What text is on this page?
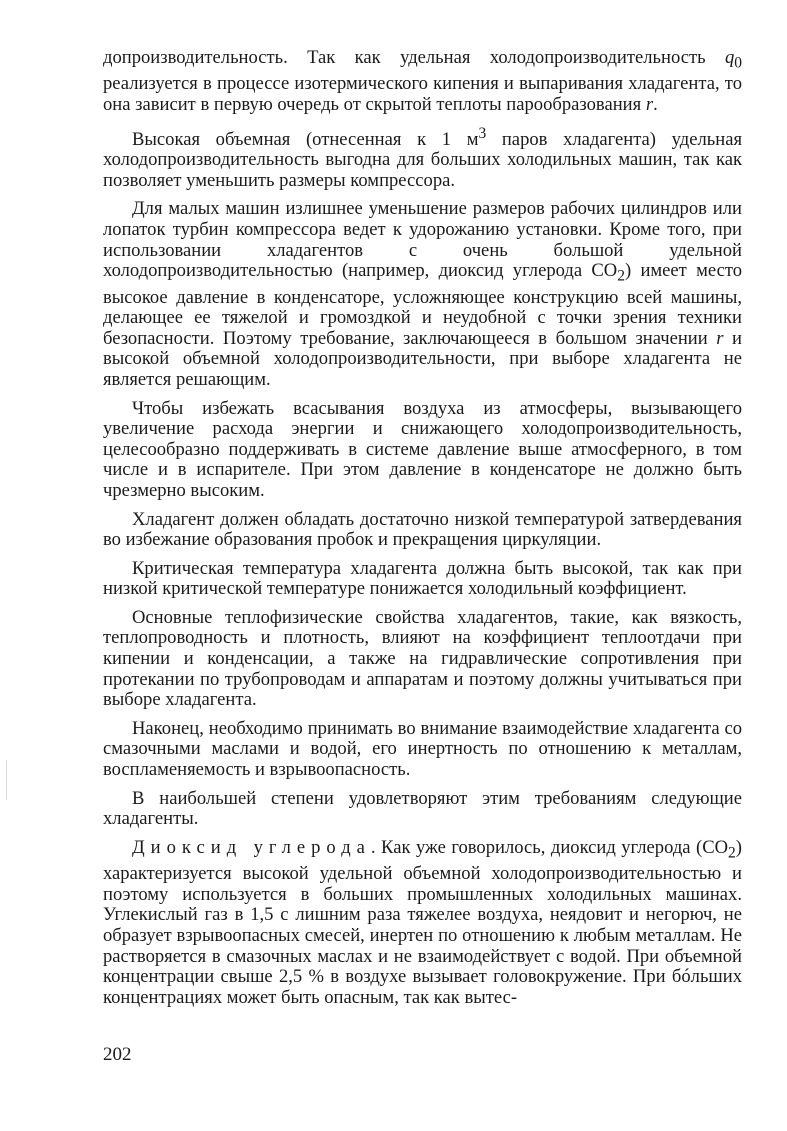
допроизводительность. Так как удельная холодопроизводительность $q_0$ реализуется в процессе изотермического кипения и выпаривания хладагента, то она зависит в первую очередь от скрытой теплоты парообразования r.

Высокая объемная (отнесенная к 1 $м^3$ паров хладагента) удельная холодопроизводительность выгодна для больших холодильных машин, так как позволяет уменьшить размеры компрессора.

Для малых машин излишнее уменьшение размеров рабочих цилиндров или лопаток турбин компрессора ведет к удорожанию установки. Кроме того, при использовании хладагентов с очень большой удельной холодопроизводительностью (например, диоксид углерода $CO_2$) имеет место высокое давление в конденсаторе, усложняющее конструкцию всей машины, делающее ее тяжелой и громоздкой и неудобной с точки зрения техники безопасности. Поэтому требование, заключающееся в большом значении r и высокой объемной холодопроизводительности, при выборе хладагента не является решающим.

Чтобы избежать всасывания воздуха из атмосферы, вызывающего увеличение расхода энергии и снижающего холодопроизводительность, целесообразно поддерживать в системе давление выше атмосферного, в том числе и в испарителе. При этом давление в конденсаторе не должно быть чрезмерно высоким.

Хладагент должен обладать достаточно низкой температурой затвердевания во избежание образования пробок и прекращения циркуляции.

Критическая температура хладагента должна быть высокой, так как при низкой критической температуре понижается холодильный коэффициент.

Основные теплофизические свойства хладагентов, такие, как вязкость, теплопроводность и плотность, влияют на коэффициент теплоотдачи при кипении и конденсации, а также на гидравлические сопротивления при протекании по трубопроводам и аппаратам и поэтому должны учитываться при выборе хладагента.

Наконец, необходимо принимать во внимание взаимодействие хладагента со смазочными маслами и водой, его инертность по отношению к металлам, воспламеняемость и взрывоопасность.

В наибольшей степени удовлетворяют этим требованиям следующие хладагенты.

Диоксид углерода. Как уже говорилось, диоксид углерода $(CO_2)$ характеризуется высокой удельной объемной холодопроизводительностью и поэтому используется в больших промышленных холодильных машинах. Углекислый газ в 1,5 с лишним раза тяжелее воздуха, неядовит и негорюч, не образует взрывоопасных смесей, инертен по отношению к любым металлам. Не растворяется в смазочных маслах и не взаимодействует с водой. При объемной концентрации свыше 2,5 % в воздухе вызывает головокружение. При бóльших концентрациях может быть опасным, так как вытес-

202
